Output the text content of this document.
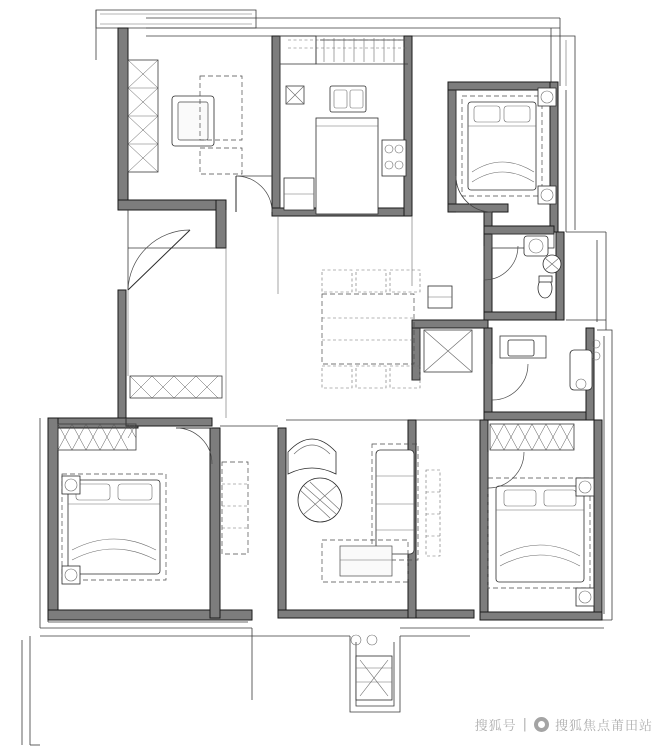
搜狐号 | 搜狐焦点莆田站
